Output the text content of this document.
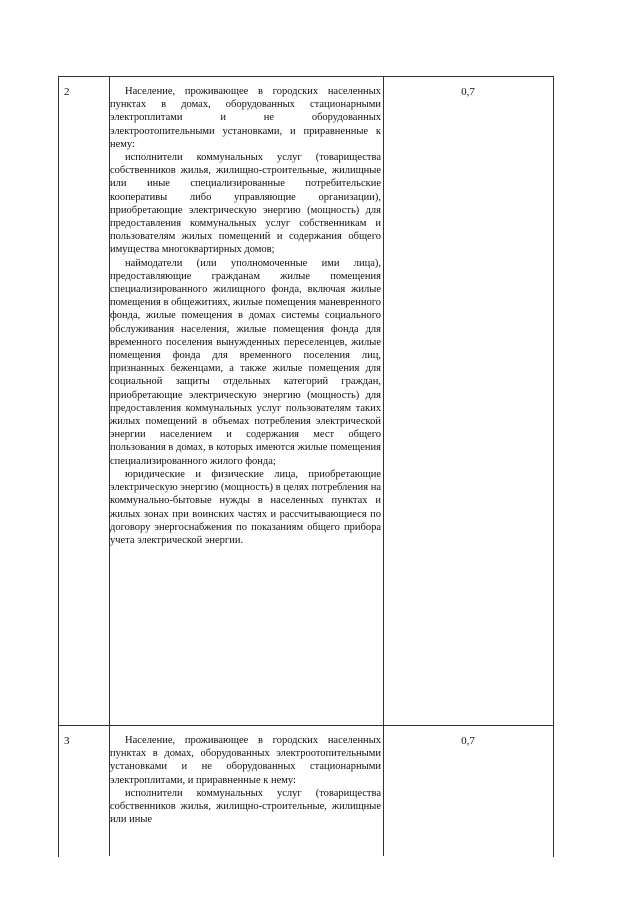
2	Население, проживающее в городских населенных пунктах в домах, оборудованных стационарными электроплитами и не оборудованных электроотопительными установками, и приравненные к нему:

исполнители коммунальных услуг (товарищества собственников жилья, жилищно-строительные, жилищные или иные специализированные потребительские кооперативы либо управляющие организации), приобретающие электрическую энергию (мощность) для предоставления коммунальных услуг собственникам и пользователям жилых помещений и содержания общего имущества многоквартирных домов;

наймодатели (или уполномоченные ими лица), предоставляющие гражданам жилые помещения специализированного жилищного фонда, включая жилые помещения в общежитиях, жилые помещения маневренного фонда, жилые помещения в домах системы социального обслуживания населения, жилые помещения фонда для временного поселения вынужденных переселенцев, жилые помещения фонда для временного поселения лиц, признанных беженцами, а также жилые помещения для социальной защиты отдельных категорий граждан, приобретающие электрическую энергию (мощность) для предоставления коммунальных услуг пользователям таких жилых помещений в объемах потребления электрической энергии населением и содержания мест общего пользования в домах, в которых имеются жилые помещения специализированного жилого фонда;

юридические и физические лица, приобретающие электрическую энергию (мощность) в целях потребления на коммунально-бытовые нужды в населенных пунктах и жилых зонах при воинских частях и рассчитывающиеся по договору энергоснабжения по показаниям общего прибора учета электрической энергии.

0,7
3	Население, проживающее в городских населенных пунктах в домах, оборудованных электроотопительными установками и не оборудованных стационарными электроплитами, и приравненные к нему:

исполнители коммунальных услуг (товарищества собственников жилья, жилищно-строительные, жилищные или иные

0,7
